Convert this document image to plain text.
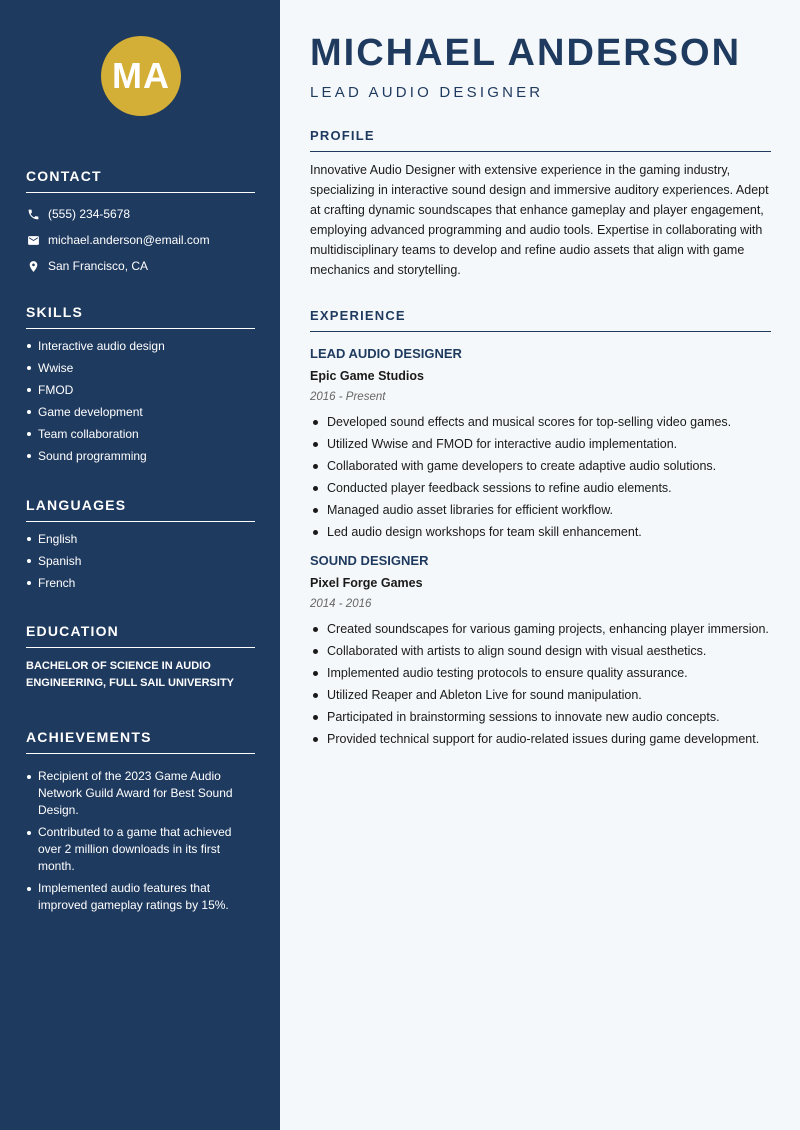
MA
CONTACT
(555) 234-5678
michael.anderson@email.com
San Francisco, CA
SKILLS
Interactive audio design
Wwise
FMOD
Game development
Team collaboration
Sound programming
LANGUAGES
English
Spanish
French
EDUCATION
BACHELOR OF SCIENCE IN AUDIO ENGINEERING, FULL SAIL UNIVERSITY
ACHIEVEMENTS
Recipient of the 2023 Game Audio Network Guild Award for Best Sound Design.
Contributed to a game that achieved over 2 million downloads in its first month.
Implemented audio features that improved gameplay ratings by 15%.
MICHAEL ANDERSON
LEAD AUDIO DESIGNER
PROFILE

Innovative Audio Designer with extensive experience in the gaming industry, specializing in interactive sound design and immersive auditory experiences. Adept at crafting dynamic soundscapes that enhance gameplay and player engagement, employing advanced programming and audio tools. Expertise in collaborating with multidisciplinary teams to develop and refine audio assets that align with game mechanics and storytelling.

EXPERIENCE
LEAD AUDIO DESIGNER
Epic Game Studios
2016 - Present
Developed sound effects and musical scores for top-selling video games.
Utilized Wwise and FMOD for interactive audio implementation.
Collaborated with game developers to create adaptive audio solutions.
Conducted player feedback sessions to refine audio elements.
Managed audio asset libraries for efficient workflow.
Led audio design workshops for team skill enhancement.
SOUND DESIGNER
Pixel Forge Games
2014 - 2016
Created soundscapes for various gaming projects, enhancing player immersion.
Collaborated with artists to align sound design with visual aesthetics.
Implemented audio testing protocols to ensure quality assurance.
Utilized Reaper and Ableton Live for sound manipulation.
Participated in brainstorming sessions to innovate new audio concepts.
Provided technical support for audio-related issues during game development.
